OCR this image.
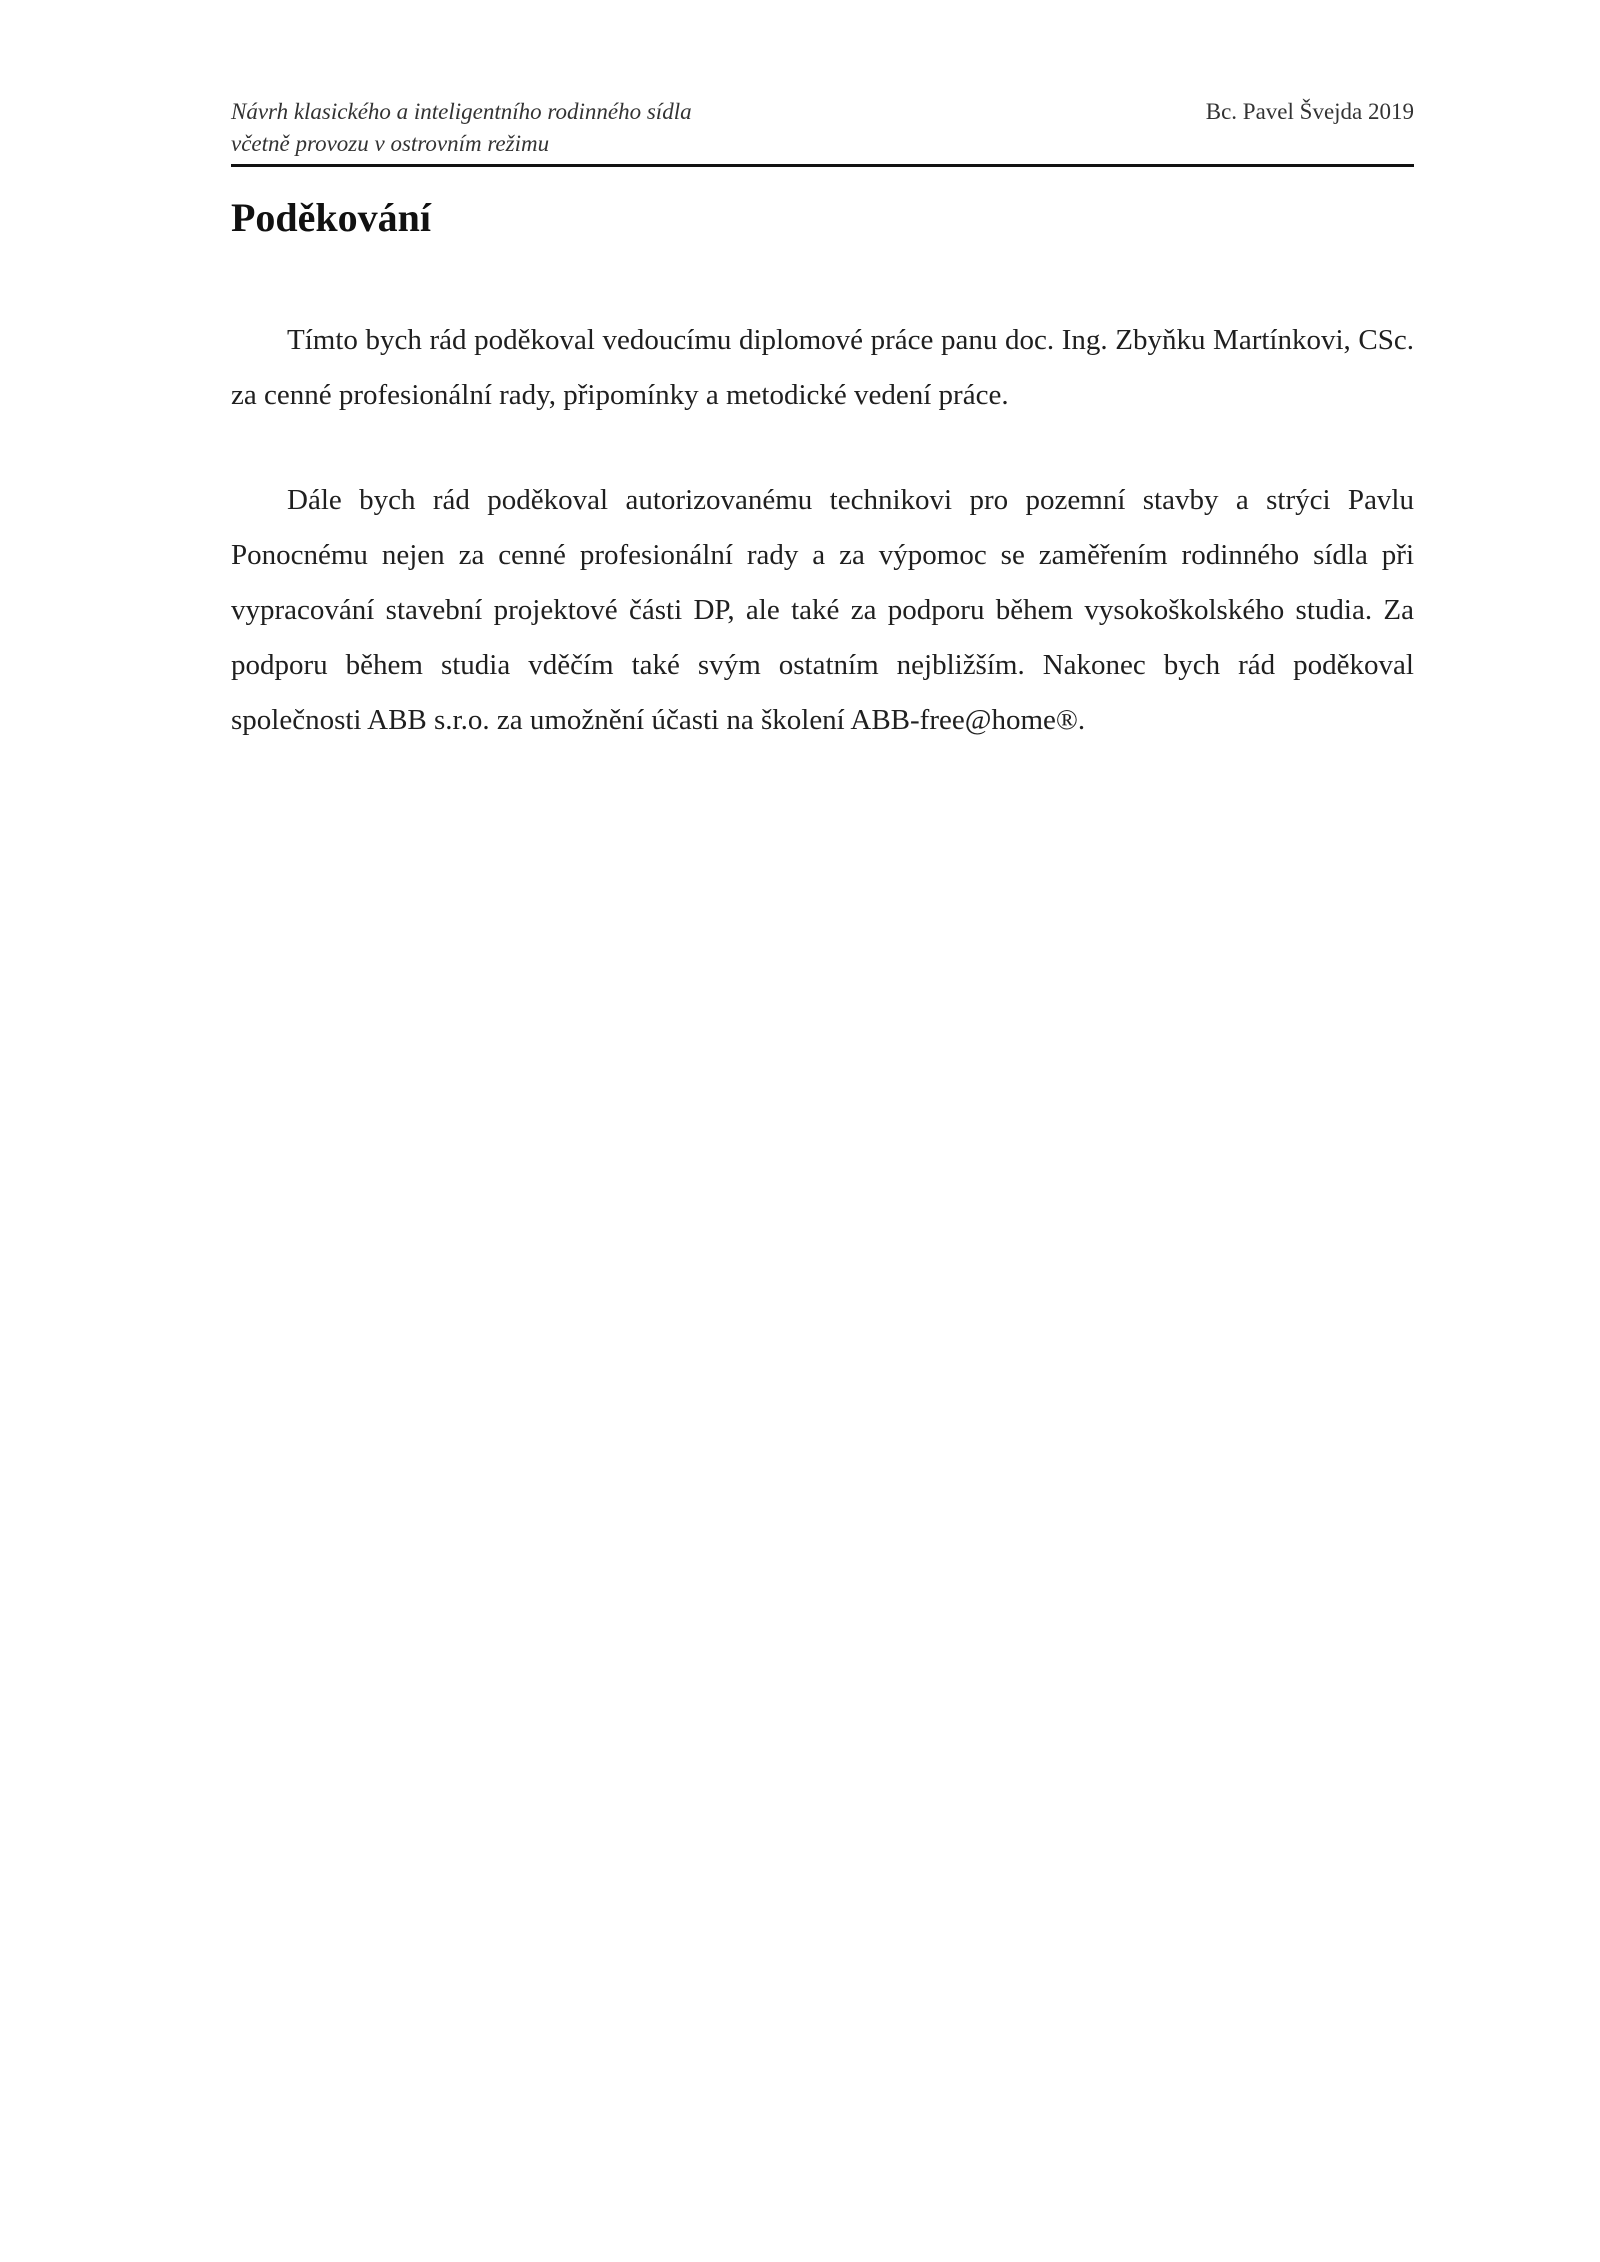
Návrh klasického a inteligentního rodinného sídla
včetně provozu v ostrovním režimu
Bc. Pavel Švejda 2019
Poděkování

Tímto bych rád poděkoval vedoucímu diplomové práce panu doc. Ing. Zbyňku Martínkovi, CSc. za cenné profesionální rady, připomínky a metodické vedení práce.

Dále bych rád poděkoval autorizovanému technikovi pro pozemní stavby a strýci Pavlu Ponocnému nejen za cenné profesionální rady a za výpomoc se zaměřením rodinného sídla při vypracování stavební projektové části DP, ale také za podporu během vysokoškolského studia. Za podporu během studia vděčím také svým ostatním nejbližším. Nakonec bych rád poděkoval společnosti ABB s.r.o. za umožnění účasti na školení ABB-free@home®.
